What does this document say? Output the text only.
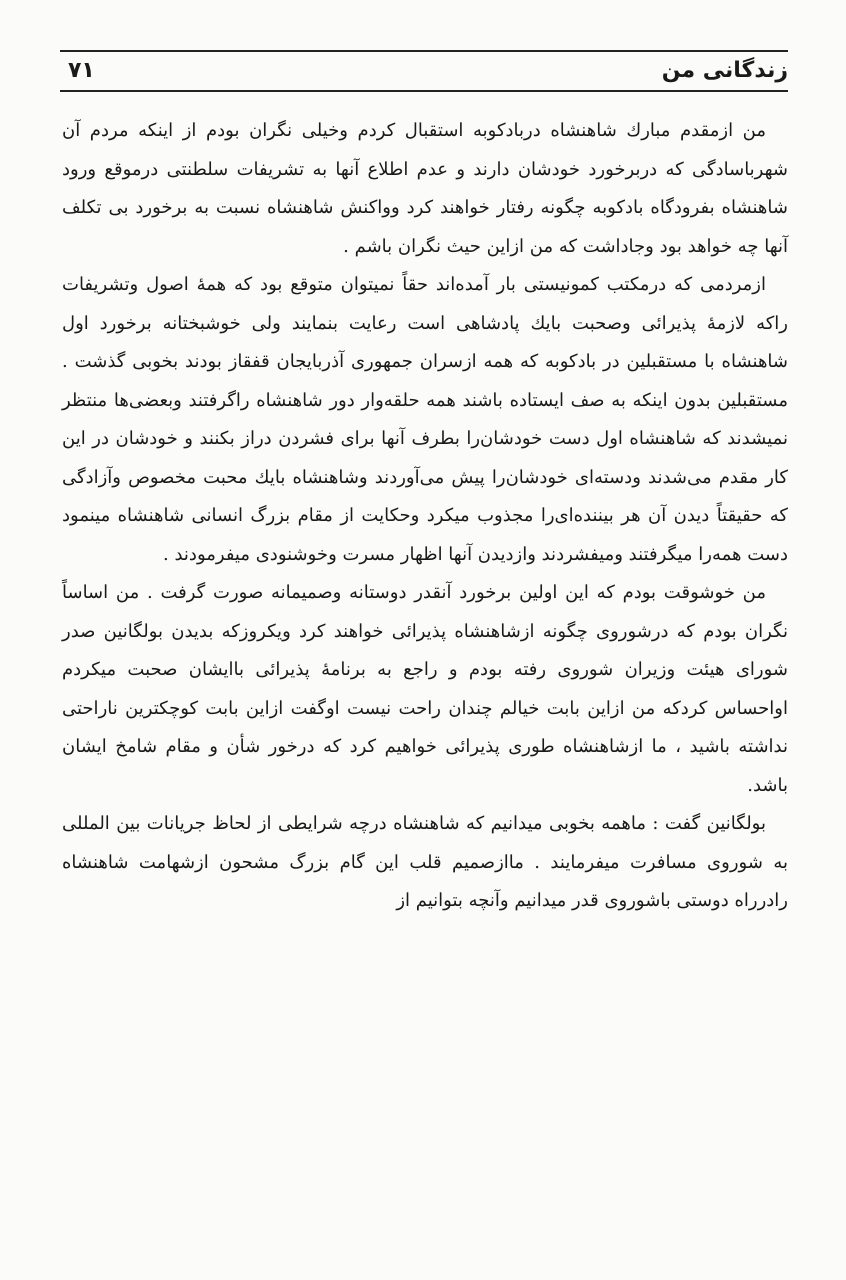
زندگانی من
۷۱

من ازمقدم مبارك شاهنشاه دربادکوبه استقبال کردم وخیلی نگران بودم از اینکه مردم آن شهرباسادگی که دربرخورد خودشان دارند و عدم اطلاع آنها به تشریفات سلطنتی درموقع ورود شاهنشاه بفرودگاه بادکوبه چگونه رفتار خواهند کرد وواکنش شاهنشاه نسبت به برخورد بی تکلف آنها چه خواهد بود وجاداشت که من ازاین حیث نگران باشم .

ازمردمی که درمکتب کمونیستی بار آمده‌اند حقاً نمیتوان متوقع بود که همهٔ اصول وتشریفات راکه لازمهٔ پذیرائی وصحبت بایك پادشاهی است رعایت بنمایند ولی خوشبختانه برخورد اول شاهنشاه با مستقبلین در بادکوبه که همه ازسران جمهوری آذربایجان قفقاز بودند بخوبی گذشت . مستقبلین بدون اینکه به صف ایستاده باشند همه حلقه‌وار دور شاهنشاه راگرفتند وبعضی‌ها منتظر نمیشدند که شاهنشاه اول دست خودشان‌را بطرف آنها برای فشردن دراز بکنند و خودشان در این کار مقدم می‌شدند ودسته‌ای خودشان‌را پیش می‌آوردند وشاهنشاه بایك محبت مخصوص وآزادگی که حقیقتاً دیدن آن هر بیننده‌ای‌را مجذوب میکرد وحکایت از مقام بزرگ انسانی شاهنشاه مینمود دست همه‌را میگرفتند ومیفشردند وازدیدن آنها اظهار مسرت وخوشنودی میفرمودند .

من خوشوقت بودم که این اولین برخورد آنقدر دوستانه وصمیمانه صورت گرفت . من اساساً نگران بودم که درشوروی چگونه ازشاهنشاه پذیرائی خواهند کرد ویکروزکه بدیدن بولگانین صدر شورای هیئت وزیران شوروی رفته بودم و راجع به برنامهٔ پذیرائی باایشان صحبت میکردم اواحساس کردکه من ازاین بابت خیالم چندان راحت نیست اوگفت ازاین بابت کوچکترین ناراحتی نداشته باشید ، ما ازشاهنشاه طوری پذیرائی خواهیم کرد که درخور شأن و مقام شامخ ایشان باشد.

بولگانین گفت : ماهمه بخوبی میدانیم که شاهنشاه درچه شرایطی از لحاظ جریانات بین المللی به شوروی مسافرت میفرمایند . ماازصمیم قلب این گام بزرگ مشحون ازشهامت شاهنشاه رادرراه دوستی باشوروی قدر میدانیم وآنچه بتوانیم از
